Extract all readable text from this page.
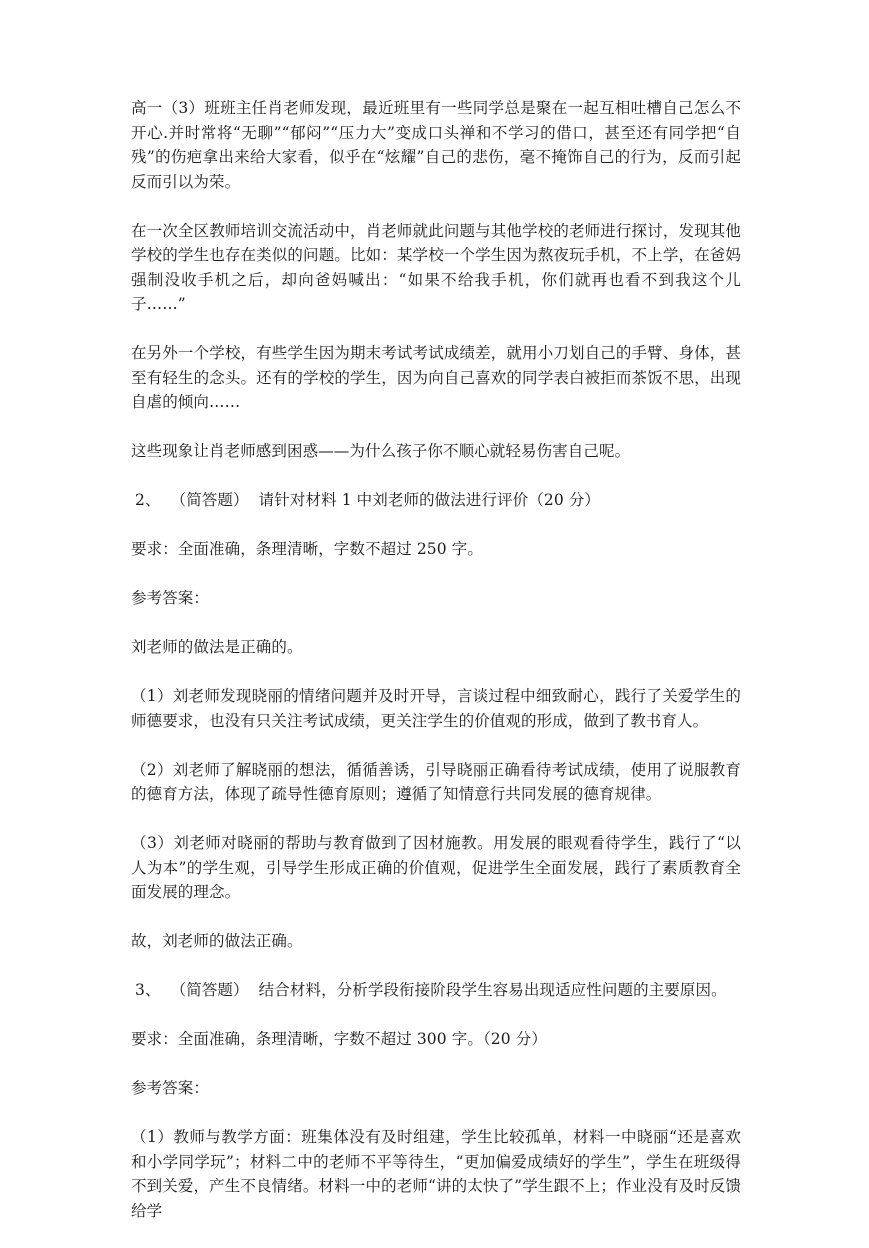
高一（3）班班主任肖老师发现，最近班里有一些同学总是聚在一起互相吐槽自己怎么不开心.并时常将“无聊”“郁闷”“压力大”变成口头禅和不学习的借口，甚至还有同学把“自残”的伤疤拿出来给大家看，似乎在“炫耀”自己的悲伤，毫不掩饰自己的行为，反而引起反而引以为荣。

在一次全区教师培训交流活动中，肖老师就此问题与其他学校的老师进行探讨，发现其他学校的学生也存在类似的问题。比如：某学校一个学生因为熬夜玩手机，不上学，在爸妈强制没收手机之后，却向爸妈喊出：“如果不给我手机，你们就再也看不到我这个儿子……”

在另外一个学校，有些学生因为期末考试考试成绩差，就用小刀划自己的手臂、身体，甚至有轻生的念头。还有的学校的学生，因为向自己喜欢的同学表白被拒而茶饭不思，出现自虐的倾向……

这些现象让肖老师感到困惑——为什么孩子你不顺心就轻易伤害自己呢。

2、  （简答题）  请针对材料 1 中刘老师的做法进行评价（20 分）

要求：全面准确，条理清晰，字数不超过 250 字。

参考答案：

刘老师的做法是正确的。

（1）刘老师发现晓丽的情绪问题并及时开导，言谈过程中细致耐心，践行了关爱学生的师德要求，也没有只关注考试成绩，更关注学生的价值观的形成，做到了教书育人。

（2）刘老师了解晓丽的想法，循循善诱，引导晓丽正确看待考试成绩，使用了说服教育的德育方法，体现了疏导性德育原则；遵循了知情意行共同发展的德育规律。

（3）刘老师对晓丽的帮助与教育做到了因材施教。用发展的眼观看待学生，践行了“以人为本”的学生观，引导学生形成正确的价值观，促进学生全面发展，践行了素质教育全面发展的理念。

故，刘老师的做法正确。

3、  （简答题）  结合材料，分析学段衔接阶段学生容易出现适应性问题的主要原因。

要求：全面准确，条理清晰，字数不超过 300 字。（20 分）

参考答案：

（1）教师与教学方面：班集体没有及时组建，学生比较孤单，材料一中晓丽“还是喜欢和小学同学玩”；材料二中的老师不平等待生，“更加偏爱成绩好的学生”，学生在班级得不到关爱，产生不良情绪。材料一中的老师“讲的太快了”学生跟不上；作业没有及时反馈给学
